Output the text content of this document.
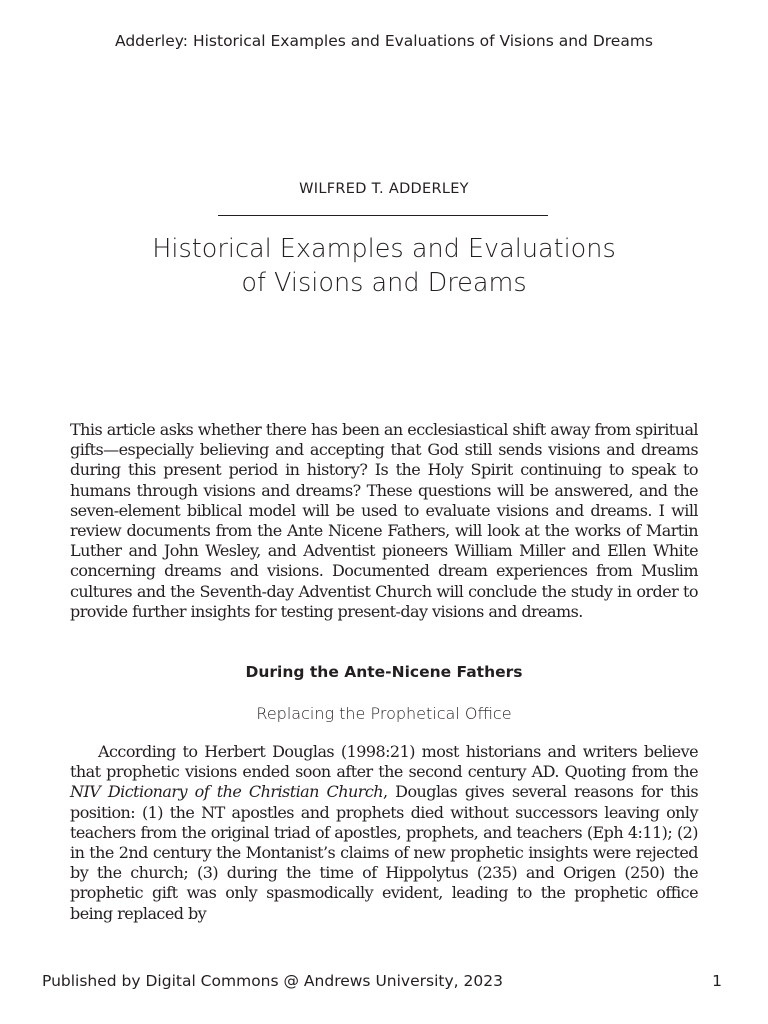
Adderley: Historical Examples and Evaluations of Visions and Dreams
WILFRED T. ADDERLEY
Historical Examples and Evaluations
of Visions and Dreams

This article asks whether there has been an ecclesiastical shift away from spiritual gifts—especially believing and accepting that God still sends visions and dreams during this present period in history? Is the Holy Spirit continuing to speak to humans through visions and dreams? These questions will be answered, and the seven-element biblical model will be used to evaluate visions and dreams. I will review documents from the Ante Nicene Fathers, will look at the works of Martin Luther and John Wesley, and Adventist pioneers William Miller and Ellen White concerning dreams and visions. Documented dream experiences from Muslim cultures and the Seventh-day Adventist Church will conclude the study in order to provide further insights for testing present-day visions and dreams.

During the Ante-Nicene Fathers
Replacing the Prophetical Office

According to Herbert Douglas (1998:21) most historians and writers believe that prophetic visions ended soon after the second century AD. Quoting from the NIV Dictionary of the Christian Church, Douglas gives several reasons for this position: (1) the NT apostles and prophets died without successors leaving only teachers from the original triad of apostles, prophets, and teachers (Eph 4:11); (2) in the 2nd century the Montanist’s claims of new prophetic insights were rejected by the church; (3) during the time of Hippolytus (235) and Origen (250) the prophetic gift was only spasmodically evident, leading to the prophetic office being replaced by

Published by Digital Commons @ Andrews University, 2023	1
